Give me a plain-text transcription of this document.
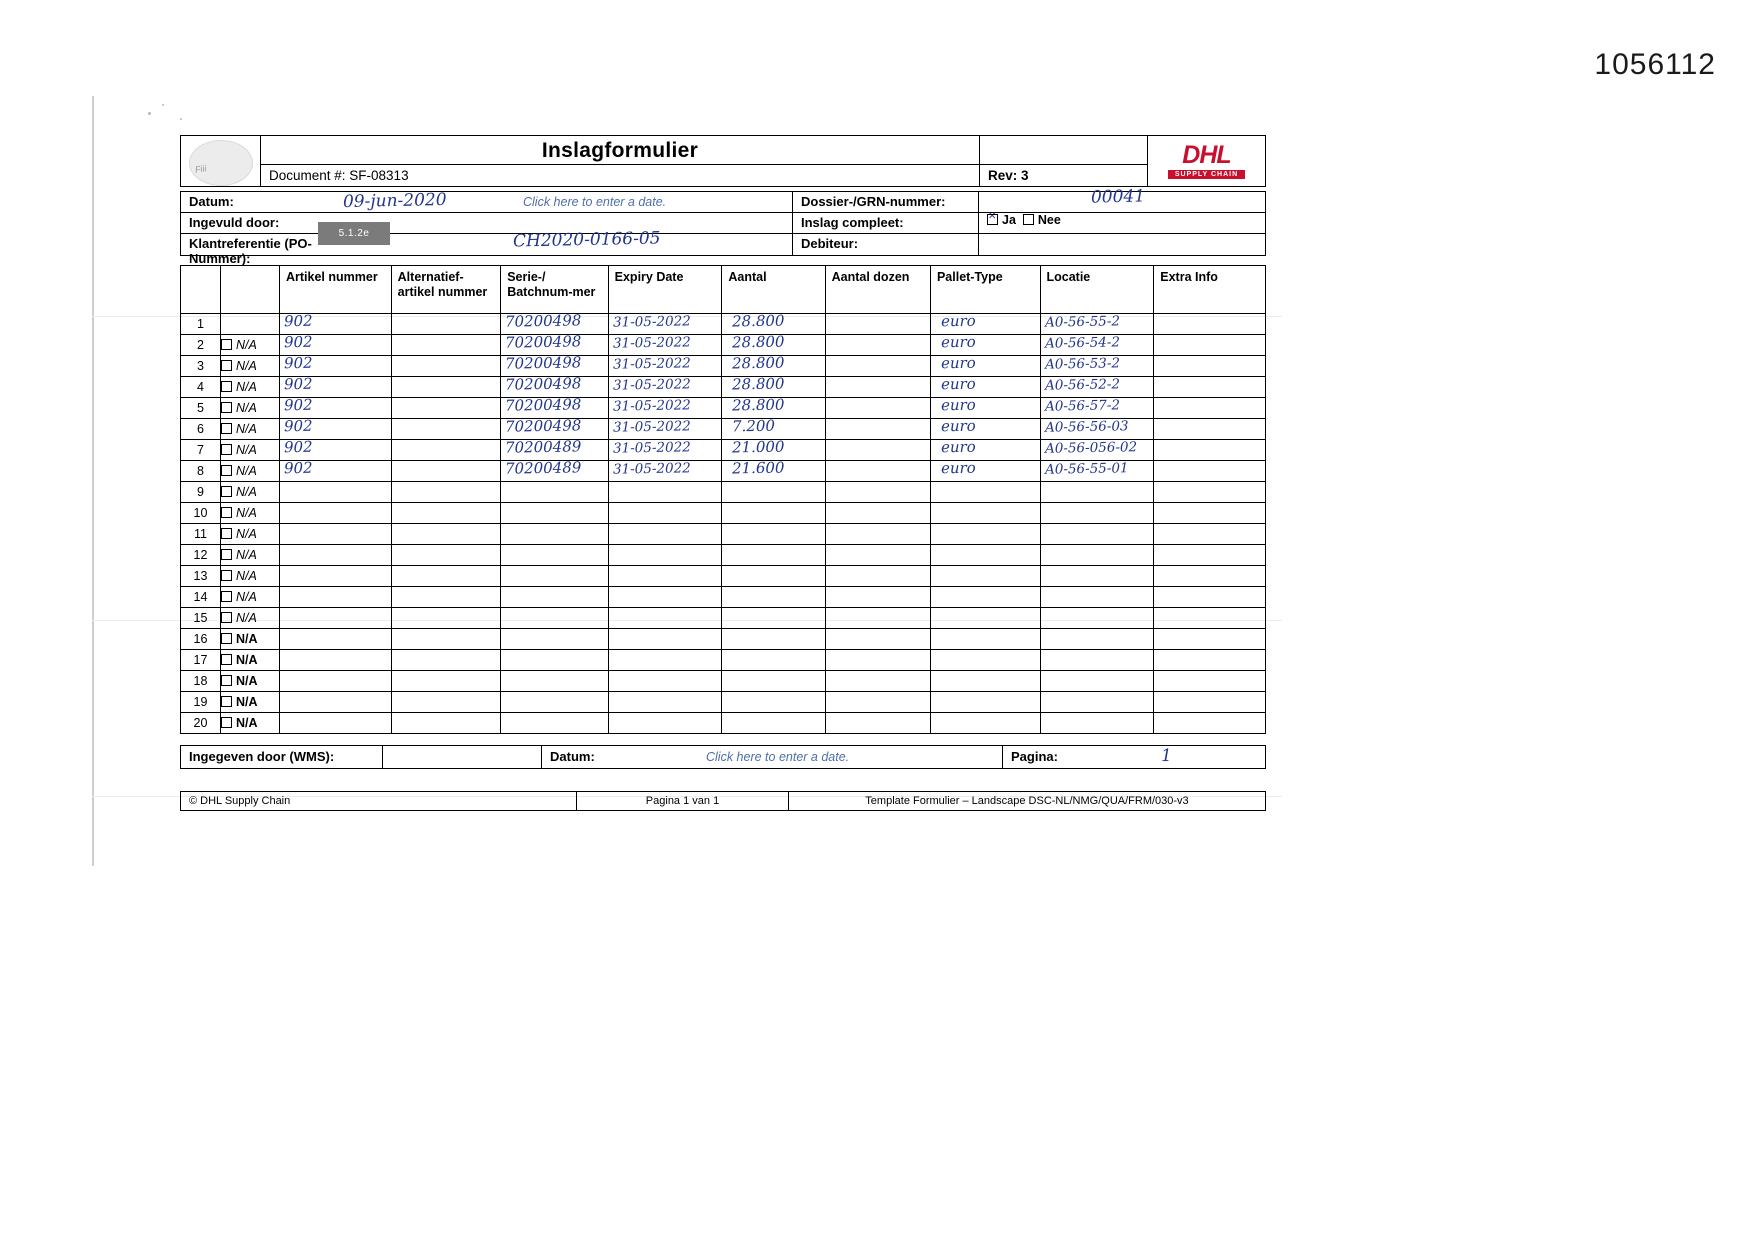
1056112
Fiii
Inslagformulier
Document #: SF-08313	Rev: 3
DHL
SUPPLY CHAIN
Datum:	09-jun-2020	Click here to enter a date.	Dossier-/GRN-nummer:	00041
Ingevuld door:	Inslag compleet: ✕	Ja Nee
Klantreferentie (PO-Nummer):
CH2020-0166-05	Debiteur:
		Artikel nummer	Alternatief-artikel nummer	Serie-/ Batchnum-mer	Expiry Date	Aantal	Aantal dozen	Pallet-Type	Locatie	Extra Info
1		902		70200498	31-05-2022	28.800		euro	A0-56-55-2	

2	N/A	902		70200498	31-05-2022	28.800		euro	A0-56-54-2	

3	N/A	902		70200498	31-05-2022	28.800		euro	A0-56-53-2	

4	N/A	902		70200498	31-05-2022	28.800		euro	A0-56-52-2	

5	N/A	902		70200498	31-05-2022	28.800		euro	A0-56-57-2	

6	N/A	902		70200498	31-05-2022	7.200		euro	A0-56-56-03	

7	N/A	902		70200489	31-05-2022	21.000		euro	A0-56-056-02	

8	N/A	902		70200489	31-05-2022	21.600		euro	A0-56-55-01	

9	N/A									
10	N/A									
11	N/A									
12	N/A									
13	N/A									
14	N/A									
15	N/A									
16	N/A									
17	N/A									
18	N/A									
19	N/A									
20	N/A									
Ingegeven door (WMS):	Datum:	Click here to enter a date.	Pagina:	1
© DHL Supply Chain	Pagina 1 van 1	Template Formulier – Landscape DSC-NL/NMG/QUA/FRM/030-v3
5.1.2e
